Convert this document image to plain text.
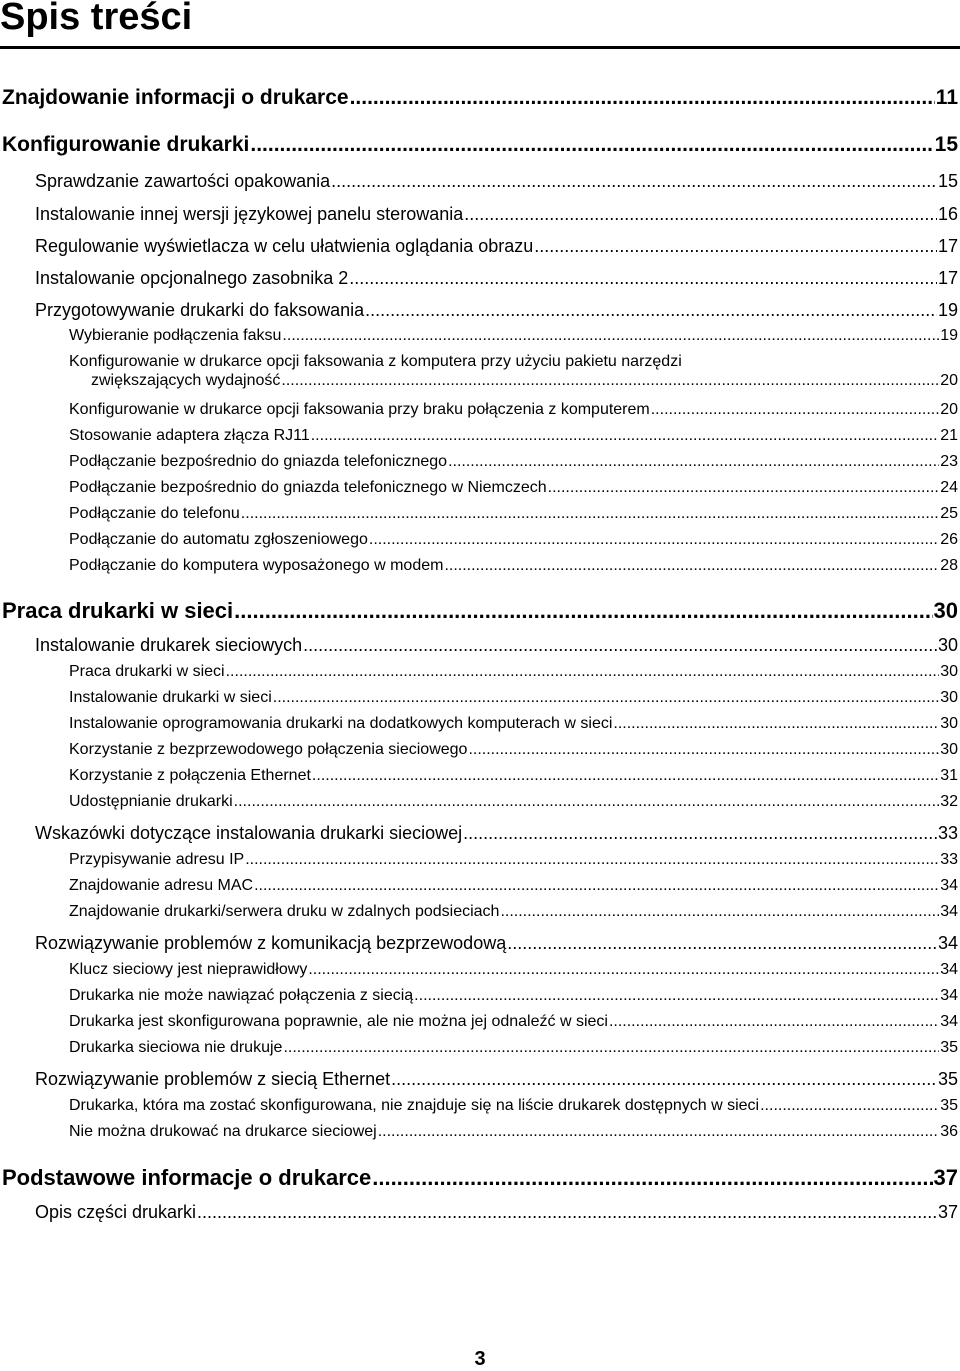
Spis treści
Znajdowanie informacji o drukarce .....	11
Konfigurowanie drukarki .....	15
Sprawdzanie zawartości opakowania .....	15
Instalowanie innej wersji językowej panelu sterowania .....	16
Regulowanie wyświetlacza w celu ułatwienia oglądania obrazu .....	17
Instalowanie opcjonalnego zasobnika 2 .....	17
Przygotowywanie drukarki do faksowania .....	19
Wybieranie podłączenia faksu .....	19
Konfigurowanie w drukarce opcji faksowania z komputera przy użyciu pakietu narzędzi
zwiększających wydajność .....	20
Konfigurowanie w drukarce opcji faksowania przy braku połączenia z komputerem .....	20
Stosowanie adaptera złącza RJ11 .....	21
Podłączanie bezpośrednio do gniazda telefonicznego .....	23
Podłączanie bezpośrednio do gniazda telefonicznego w Niemczech .....	24
Podłączanie do telefonu .....	25
Podłączanie do automatu zgłoszeniowego .....	26
Podłączanie do komputera wyposażonego w modem .....	28
Praca drukarki w sieci .....	30
Instalowanie drukarek sieciowych .....	30
Praca drukarki w sieci .....	30
Instalowanie drukarki w sieci .....	30
Instalowanie oprogramowania drukarki na dodatkowych komputerach w sieci .....	30
Korzystanie z bezprzewodowego połączenia sieciowego .....	30
Korzystanie z połączenia Ethernet .....	31
Udostępnianie drukarki .....	32
Wskazówki dotyczące instalowania drukarki sieciowej .....	33
Przypisywanie adresu IP .....	33
Znajdowanie adresu MAC .....	34
Znajdowanie drukarki/serwera druku w zdalnych podsieciach .....	34
Rozwiązywanie problemów z komunikacją bezprzewodową .....	34
Klucz sieciowy jest nieprawidłowy .....	34
Drukarka nie może nawiązać połączenia z siecią .....	34
Drukarka jest skonfigurowana poprawnie, ale nie można jej odnaleźć w sieci .....	34
Drukarka sieciowa nie drukuje .....	35
Rozwiązywanie problemów z siecią Ethernet .....	35
Drukarka, która ma zostać skonfigurowana, nie znajduje się na liście drukarek dostępnych w sieci .....	35
Nie można drukować na drukarce sieciowej .....	36
Podstawowe informacje o drukarce .....	37
Opis części drukarki .....	37
3
